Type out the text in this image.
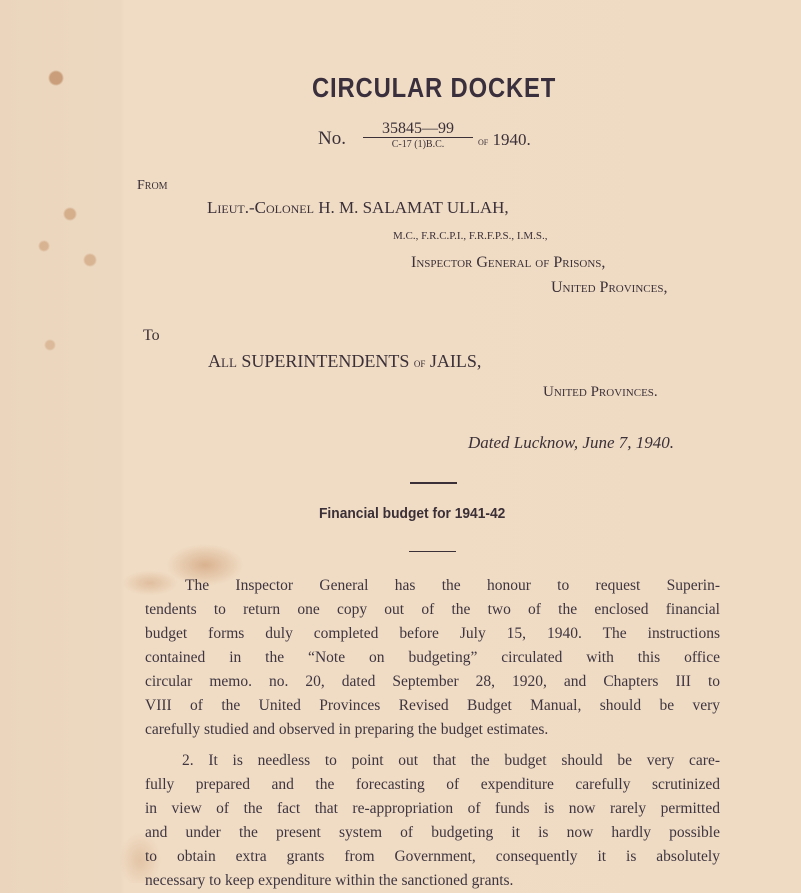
CIRCULAR DOCKET
No.	35845—99
C-17 (1)B.C.	of 1940.
From
Lieut.-Colonel H. M. SALAMAT ULLAH,
M.C., F.R.C.P.I., F.R.F.P.S., I.M.S.,
Inspector General of Prisons,
United Provinces,
To
All SUPERINTENDENTS of JAILS,
United Provinces.
Dated Lucknow, June 7, 1940.
Financial budget for 1941-42
The Inspector General has the honour to request Superin-
tendents to return one copy out of the two of the enclosed financial
budget forms duly completed before July 15, 1940. The instructions
contained in the “Note on budgeting” circulated with this office
circular memo. no. 20, dated September 28, 1920, and Chapters III to
VIII of the United Provinces Revised Budget Manual, should be very
carefully studied and observed in preparing the budget estimates.
2. It is needless to point out that the budget should be very care-
fully prepared and the forecasting of expenditure carefully scrutinized
in view of the fact that re-appropriation of funds is now rarely permitted
and under the present system of budgeting it is now hardly possible
to obtain extra grants from Government, consequently it is absolutely
necessary to keep expenditure within the sanctioned grants.
